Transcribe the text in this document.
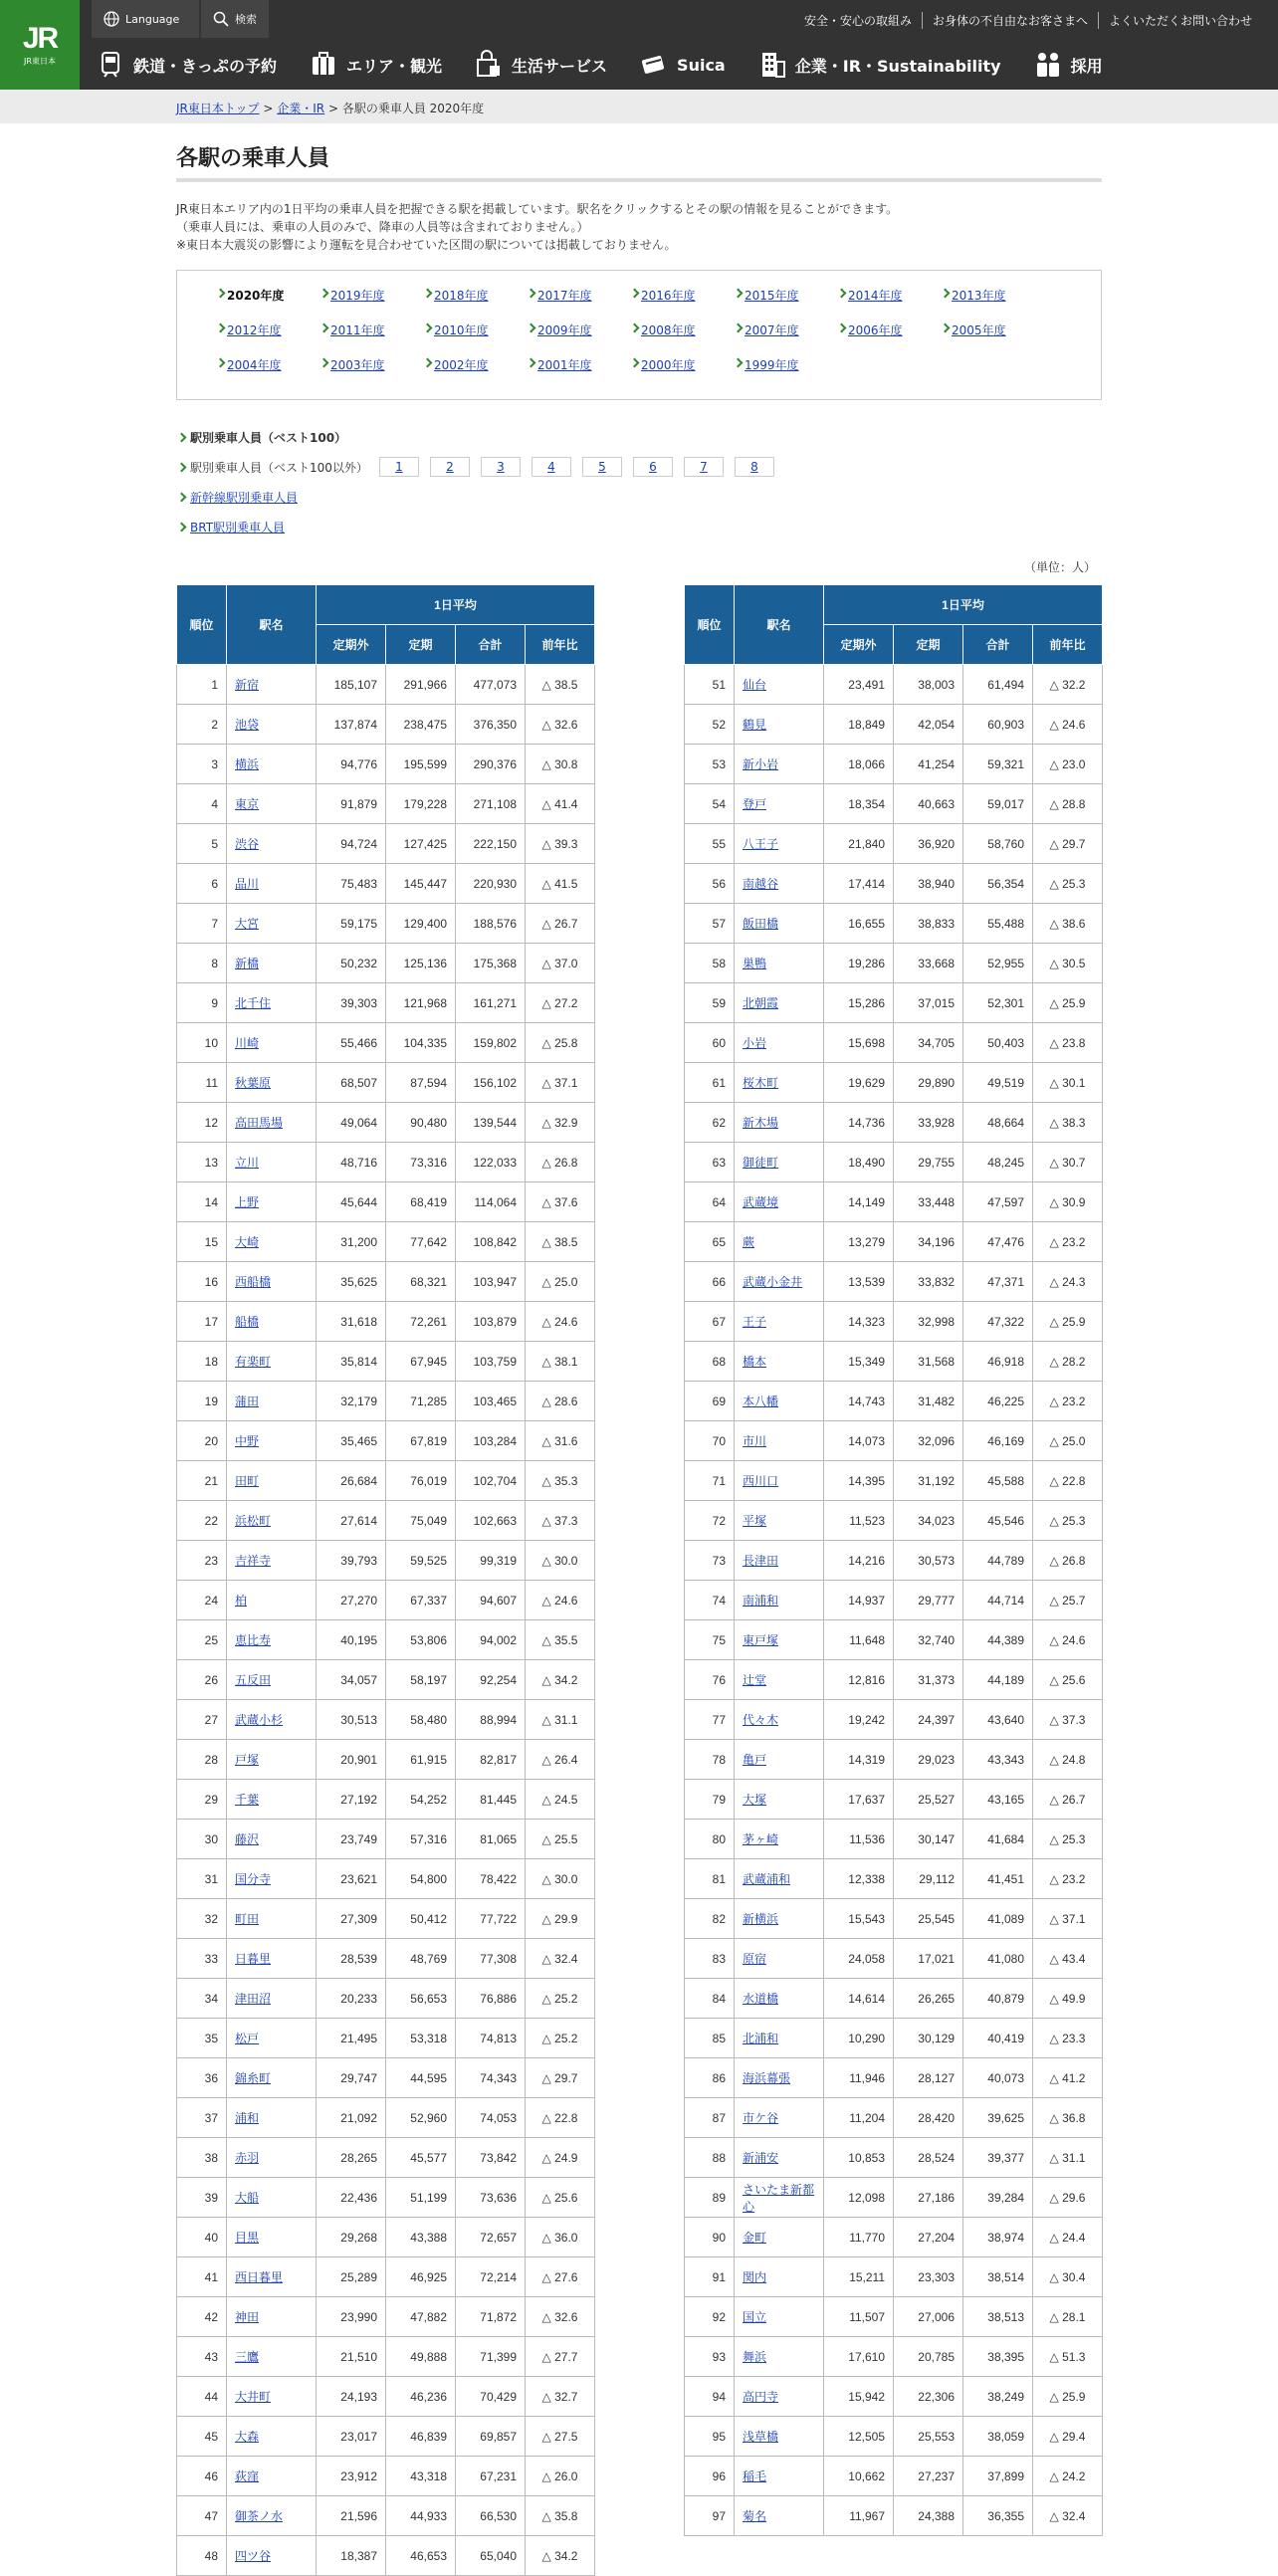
JR
JR東日本
Language	検索	安全・安心の取組み	お身体の不自由なお客さまへ	よくいただくお問い合わせ
鉄道・きっぷの予約	エリア・観光	生活サービス	Suica	企業・IR・Sustainability	採用
JR東日本トップ > 企業・IR > 各駅の乗車人員 2020年度
各駅の乗車人員
JR東日本エリア内の1日平均の乗車人員を把握できる駅を掲載しています。駅名をクリックするとその駅の情報を見ることができます。
（乗車人員には、乗車の人員のみで、降車の人員等は含まれておりません。）
※東日本大震災の影響により運転を見合わせていた区間の駅については掲載しておりません。
2020年度	2019年度	2018年度	2017年度	2016年度	2015年度	2014年度	2013年度
2012年度	2011年度	2010年度	2009年度	2008年度	2007年度	2006年度	2005年度
2004年度	2003年度	2002年度	2001年度	2000年度	1999年度
駅別乗車人員（ベスト100）
駅別乗車人員（ベスト100以外）	1	2	3	4	5	6	7	8
新幹線駅別乗車人員
BRT駅別乗車人員
（単位：人）
順位	駅名	1日平均			
		定期外	定期	合計	前年比
1	新宿	185,107	291,966	477,073	△ 38.5
2	池袋	137,874	238,475	376,350	△ 32.6
3	横浜	94,776	195,599	290,376	△ 30.8
4	東京	91,879	179,228	271,108	△ 41.4
5	渋谷	94,724	127,425	222,150	△ 39.3
6	品川	75,483	145,447	220,930	△ 41.5
7	大宮	59,175	129,400	188,576	△ 26.7
8	新橋	50,232	125,136	175,368	△ 37.0
9	北千住	39,303	121,968	161,271	△ 27.2
10	川崎	55,466	104,335	159,802	△ 25.8
11	秋葉原	68,507	87,594	156,102	△ 37.1
12	高田馬場	49,064	90,480	139,544	△ 32.9
13	立川	48,716	73,316	122,033	△ 26.8
14	上野	45,644	68,419	114,064	△ 37.6
15	大崎	31,200	77,642	108,842	△ 38.5
16	西船橋	35,625	68,321	103,947	△ 25.0
17	船橋	31,618	72,261	103,879	△ 24.6
18	有楽町	35,814	67,945	103,759	△ 38.1
19	蒲田	32,179	71,285	103,465	△ 28.6
20	中野	35,465	67,819	103,284	△ 31.6
21	田町	26,684	76,019	102,704	△ 35.3
22	浜松町	27,614	75,049	102,663	△ 37.3
23	吉祥寺	39,793	59,525	99,319	△ 30.0
24	柏	27,270	67,337	94,607	△ 24.6
25	恵比寿	40,195	53,806	94,002	△ 35.5
26	五反田	34,057	58,197	92,254	△ 34.2
27	武蔵小杉	30,513	58,480	88,994	△ 31.1
28	戸塚	20,901	61,915	82,817	△ 26.4
29	千葉	27,192	54,252	81,445	△ 24.5
30	藤沢	23,749	57,316	81,065	△ 25.5
31	国分寺	23,621	54,800	78,422	△ 30.0
32	町田	27,309	50,412	77,722	△ 29.9
33	日暮里	28,539	48,769	77,308	△ 32.4
34	津田沼	20,233	56,653	76,886	△ 25.2
35	松戸	21,495	53,318	74,813	△ 25.2
36	錦糸町	29,747	44,595	74,343	△ 29.7
37	浦和	21,092	52,960	74,053	△ 22.8
38	赤羽	28,265	45,577	73,842	△ 24.9
39	大船	22,436	51,199	73,636	△ 25.6
40	目黒	29,268	43,388	72,657	△ 36.0
41	西日暮里	25,289	46,925	72,214	△ 27.6
42	神田	23,990	47,882	71,872	△ 32.6
43	三鷹	21,510	49,888	71,399	△ 27.7
44	大井町	24,193	46,236	70,429	△ 32.7
45	大森	23,017	46,839	69,857	△ 27.5
46	荻窪	23,912	43,318	67,231	△ 26.0
47	御茶ノ水	21,596	44,933	66,530	△ 35.8
48	四ツ谷	18,387	46,653	65,040	△ 34.2
順位	駅名	1日平均			
		定期外	定期	合計	前年比
51	仙台	23,491	38,003	61,494	△ 32.2
52	鶴見	18,849	42,054	60,903	△ 24.6
53	新小岩	18,066	41,254	59,321	△ 23.0
54	登戸	18,354	40,663	59,017	△ 28.8
55	八王子	21,840	36,920	58,760	△ 29.7
56	南越谷	17,414	38,940	56,354	△ 25.3
57	飯田橋	16,655	38,833	55,488	△ 38.6
58	巣鴨	19,286	33,668	52,955	△ 30.5
59	北朝霞	15,286	37,015	52,301	△ 25.9
60	小岩	15,698	34,705	50,403	△ 23.8
61	桜木町	19,629	29,890	49,519	△ 30.1
62	新木場	14,736	33,928	48,664	△ 38.3
63	御徒町	18,490	29,755	48,245	△ 30.7
64	武蔵境	14,149	33,448	47,597	△ 30.9
65	蕨	13,279	34,196	47,476	△ 23.2
66	武蔵小金井	13,539	33,832	47,371	△ 24.3
67	王子	14,323	32,998	47,322	△ 25.9
68	橋本	15,349	31,568	46,918	△ 28.2
69	本八幡	14,743	31,482	46,225	△ 23.2
70	市川	14,073	32,096	46,169	△ 25.0
71	西川口	14,395	31,192	45,588	△ 22.8
72	平塚	11,523	34,023	45,546	△ 25.3
73	長津田	14,216	30,573	44,789	△ 26.8
74	南浦和	14,937	29,777	44,714	△ 25.7
75	東戸塚	11,648	32,740	44,389	△ 24.6
76	辻堂	12,816	31,373	44,189	△ 25.6
77	代々木	19,242	24,397	43,640	△ 37.3
78	亀戸	14,319	29,023	43,343	△ 24.8
79	大塚	17,637	25,527	43,165	△ 26.7
80	茅ヶ崎	11,536	30,147	41,684	△ 25.3
81	武蔵浦和	12,338	29,112	41,451	△ 23.2
82	新横浜	15,543	25,545	41,089	△ 37.1
83	原宿	24,058	17,021	41,080	△ 43.4
84	水道橋	14,614	26,265	40,879	△ 49.9
85	北浦和	10,290	30,129	40,419	△ 23.3
86	海浜幕張	11,946	28,127	40,073	△ 41.2
87	市ケ谷	11,204	28,420	39,625	△ 36.8
88	新浦安	10,853	28,524	39,377	△ 31.1
89	さいたま新都心	12,098	27,186	39,284	△ 29.6
90	金町	11,770	27,204	38,974	△ 24.4
91	関内	15,211	23,303	38,514	△ 30.4
92	国立	11,507	27,006	38,513	△ 28.1
93	舞浜	17,610	20,785	38,395	△ 51.3
94	高円寺	15,942	22,306	38,249	△ 25.9
95	浅草橋	12,505	25,553	38,059	△ 29.4
96	稲毛	10,662	27,237	37,899	△ 24.2
97	菊名	11,967	24,388	36,355	△ 32.4
